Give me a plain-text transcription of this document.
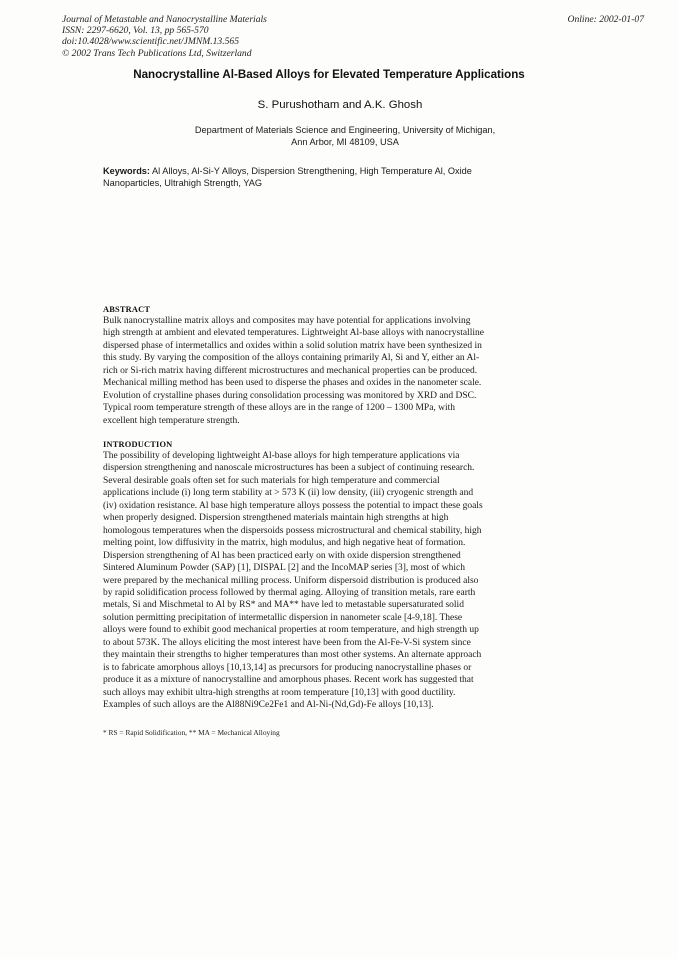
Journal of Metastable and Nanocrystalline Materials
ISSN: 2297-6620, Vol. 13, pp 565-570
doi:10.4028/www.scientific.net/JMNM.13.565
© 2002 Trans Tech Publications Ltd, Switzerland
Online: 2002-01-07
Nanocrystalline Al-Based Alloys for Elevated Temperature Applications
S. Purushotham and A.K. Ghosh
Department of Materials Science and Engineering, University of Michigan,
Ann Arbor, MI 48109, USA
Keywords: Al Alloys, Al-Si-Y Alloys, Dispersion Strengthening, High Temperature Al, Oxide
Nanoparticles, Ultrahigh Strength, YAG
ABSTRACT
Bulk nanocrystalline matrix alloys and composites may have potential for applications involving
high strength at ambient and elevated temperatures. Lightweight Al-base alloys with nanocrystalline
dispersed phase of intermetallics and oxides within a solid solution matrix have been synthesized in
this study. By varying the composition of the alloys containing primarily Al, Si and Y, either an Al-
rich or Si-rich matrix having different microstructures and mechanical properties can be produced.
Mechanical milling method has been used to disperse the phases and oxides in the nanometer scale.
Evolution of crystalline phases during consolidation processing was monitored by XRD and DSC.
Typical room temperature strength of these alloys are in the range of 1200 – 1300 MPa, with
excellent high temperature strength.
INTRODUCTION
The possibility of developing lightweight Al-base alloys for high temperature applications via
dispersion strengthening and nanoscale microstructures has been a subject of continuing research.
Several desirable goals often set for such materials for high temperature and commercial
applications include (i) long term stability at > 573 K (ii) low density, (iii) cryogenic strength and
(iv) oxidation resistance. Al base high temperature alloys possess the potential to impact these goals
when properly designed. Dispersion strengthened materials maintain high strengths at high
homologous temperatures when the dispersoids possess microstructural and chemical stability, high
melting point, low diffusivity in the matrix, high modulus, and high negative heat of formation.
Dispersion strengthening of Al has been practiced early on with oxide dispersion strengthened
Sintered Aluminum Powder (SAP) [1], DISPAL [2] and the IncoMAP series [3], most of which
were prepared by the mechanical milling process. Uniform dispersoid distribution is produced also
by rapid solidification process followed by thermal aging. Alloying of transition metals, rare earth
metals, Si and Mischmetal to Al by RS* and MA** have led to metastable supersaturated solid
solution permitting precipitation of intermetallic dispersion in nanometer scale [4-9,18]. These
alloys were found to exhibit good mechanical properties at room temperature, and high strength up
to about 573K. The alloys eliciting the most interest have been from the Al-Fe-V-Si system since
they maintain their strengths to higher temperatures than most other systems. An alternate approach
is to fabricate amorphous alloys [10,13,14] as precursors for producing nanocrystalline phases or
produce it as a mixture of nanocrystalline and amorphous phases. Recent work has suggested that
such alloys may exhibit ultra-high strengths at room temperature [10,13] with good ductility.
Examples of such alloys are the Al88Ni9Ce2Fe1 and Al-Ni-(Nd,Gd)-Fe alloys [10,13].
* RS = Rapid Solidification, ** MA = Mechanical Alloying
